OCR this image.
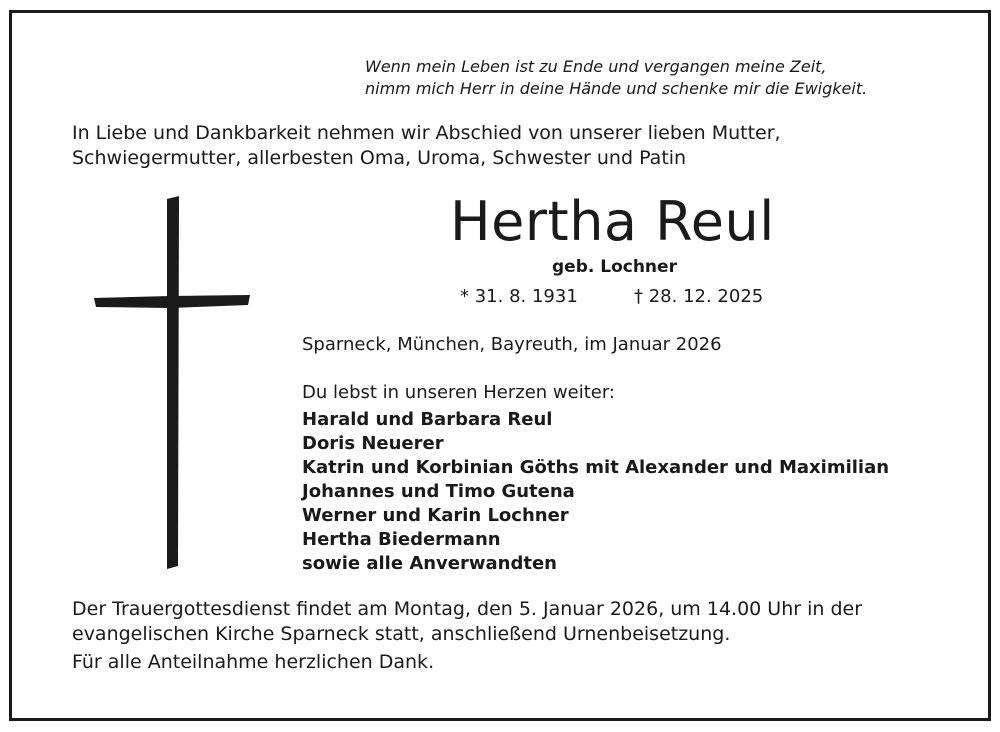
Wenn mein Leben ist zu Ende und vergangen meine Zeit,
nimm mich Herr in deine Hände und schenke mir die Ewigkeit.
In Liebe und Dankbarkeit nehmen wir Abschied von unserer lieben Mutter,
Schwiegermutter, allerbesten Oma, Uroma, Schwester und Patin
Hertha Reul
geb. Lochner
* 31. 8. 1931	† 28. 12. 2025
Sparneck, München, Bayreuth, im Januar 2026
Du lebst in unseren Herzen weiter:
Harald und Barbara Reul
Doris Neuerer
Katrin und Korbinian Göths mit Alexander und Maximilian
Johannes und Timo Gutena
Werner und Karin Lochner
Hertha Biedermann
sowie alle Anverwandten
Der Trauergottesdienst findet am Montag, den 5. Januar 2026, um 14.00 Uhr in der
evangelischen Kirche Sparneck statt, anschließend Urnenbeisetzung.
Für alle Anteilnahme herzlichen Dank.
